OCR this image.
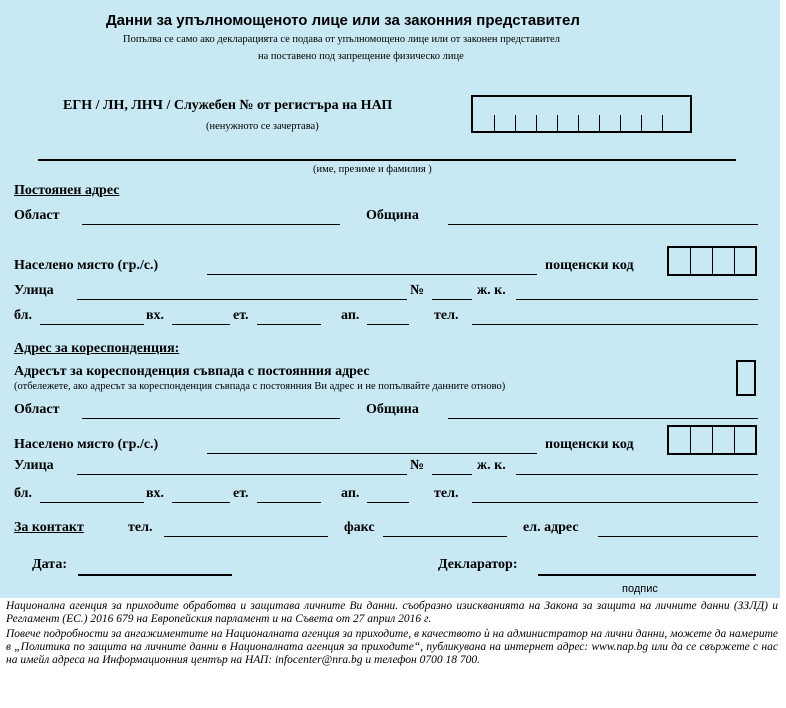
Данни за упълномощеното лице или за законния представител
Попълва се само ако декларацията се подава от упълномощено лице или от законен представител
на поставено под запрещение физическо лице
ЕГН / ЛН, ЛНЧ / Служебен № от регистъра на НАП
(ненужното се зачертава)
(име, презиме и фамилия )
Постоянен адрес
Област	Община
Населено място (гр./с.)	пощенски код
Улица	№	ж. к.
бл.	вх.	ет.	ап.	тел.
Адрес за кореспонденция:
Адресът за кореспонденция съвпада с постоянния адрес
(отбележете, ако адресът за кореспонденция съвпада с постоянния Ви адрес и не попълвайте данните отново)
Област	Община
Населено място (гр./с.)	пощенски код
Улица	№	ж. к.
бл.	вх.	ет.	ап.	тел.
За контакт	тел.	факс	ел. адрес
Дата:	Декларатор:
подпис
Национална агенция за приходите обработва и защитава личните Ви данни. съобразно изискванията на Закона за защита на личните данни (ЗЗЛД) и Регламент (ЕС.) 2016 679 на Европейския парламент и на Съвета от 27 април 2016 г.
Повече подробности за ангажиментите на Националната агенция за приходите, в качеството ѝ на администратор на лични данни, можете да намерите в „Политика по защита на личните данни в Националната агенция за приходите“, публикувана на интернет адрес: www.nap.bg или да се свържете с нас на имейл адреса на Информационния център на НАП: infocenter@nra.bg и телефон 0700 18 700.
